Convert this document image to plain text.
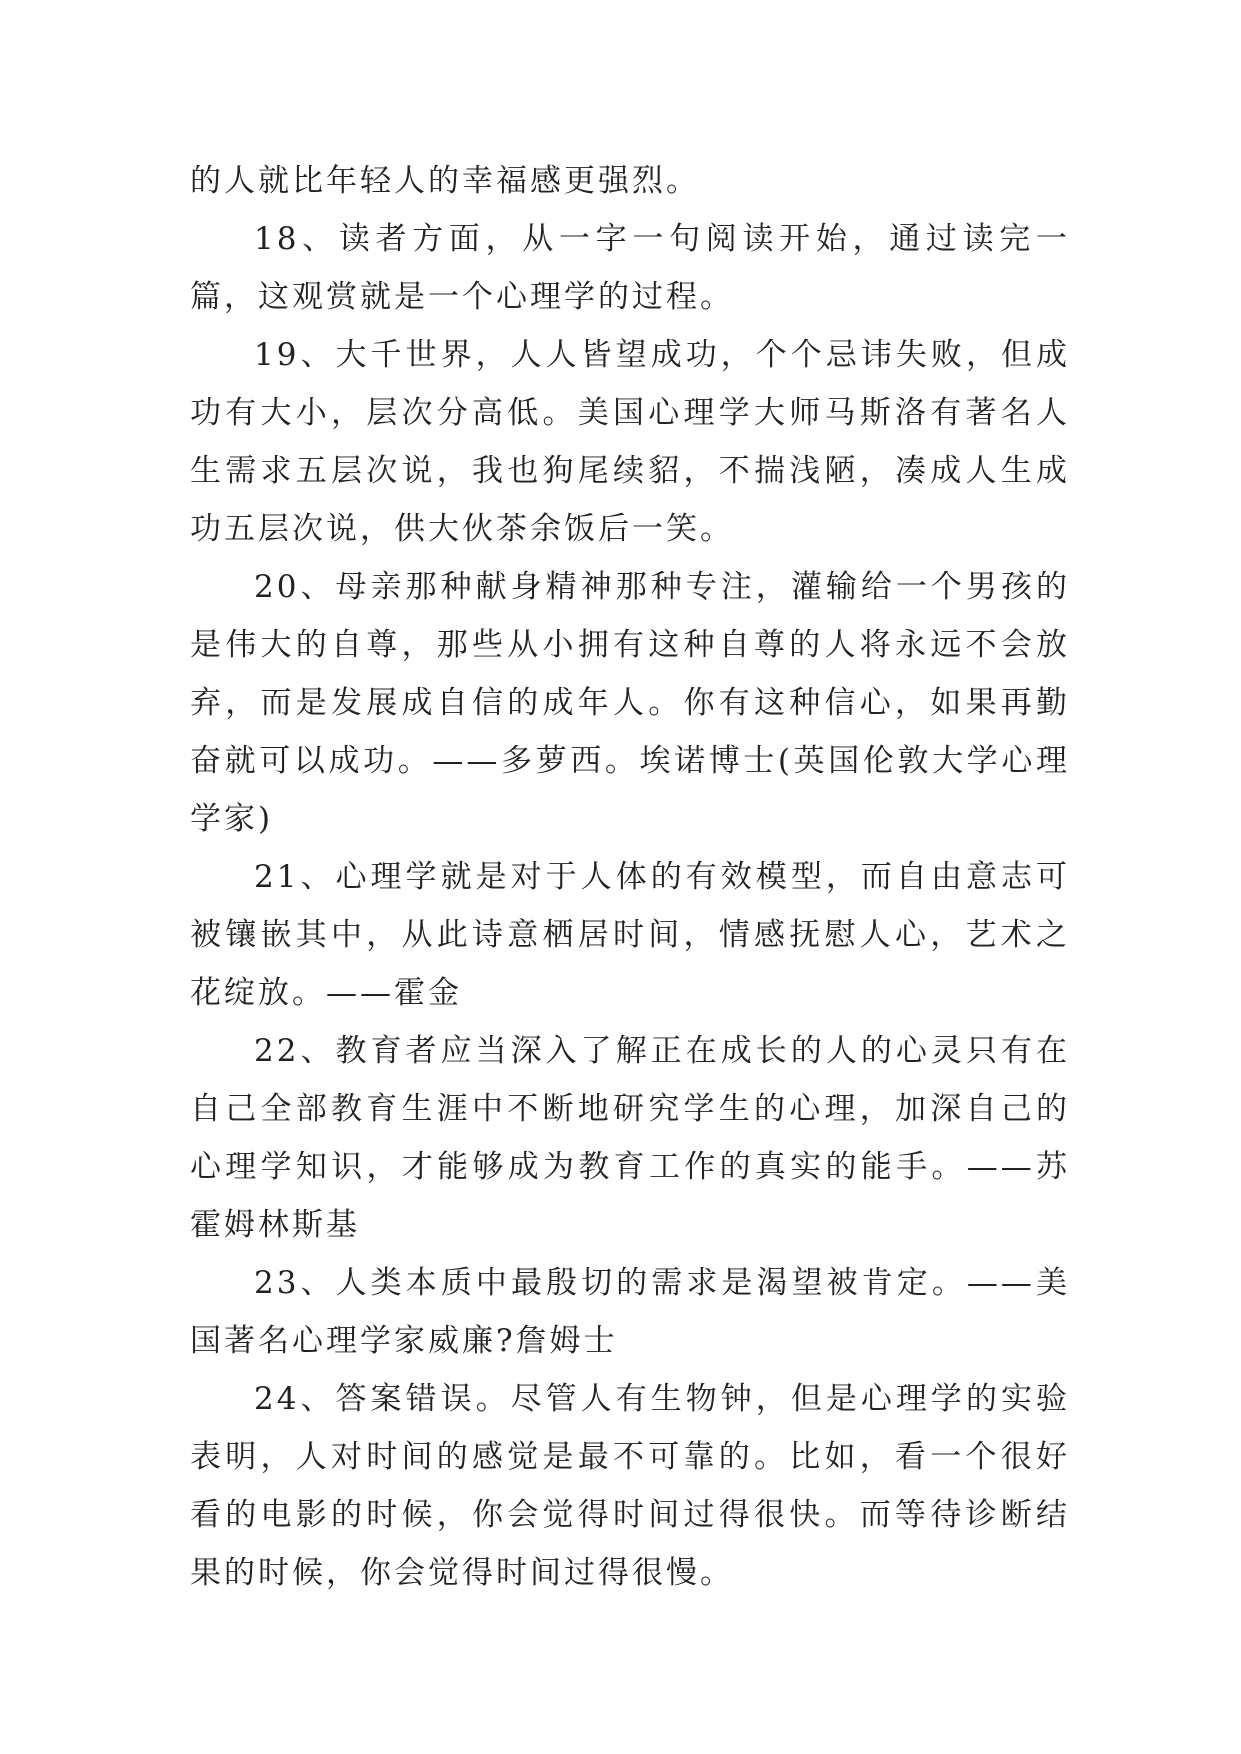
的人就比年轻人的幸福感更强烈。

18、读者方面，从一字一句阅读开始，通过读完一篇，这观赏就是一个心理学的过程。

19、大千世界，人人皆望成功，个个忌讳失败，但成功有大小，层次分高低。美国心理学大师马斯洛有著名人生需求五层次说，我也狗尾续貂，不揣浅陋，凑成人生成功五层次说，供大伙茶余饭后一笑。

20、母亲那种献身精神那种专注，灌输给一个男孩的是伟大的自尊，那些从小拥有这种自尊的人将永远不会放弃，而是发展成自信的成年人。你有这种信心，如果再勤奋就可以成功。——多萝西。埃诺博士(英国伦敦大学心理学家)

21、心理学就是对于人体的有效模型，而自由意志可被镶嵌其中，从此诗意栖居时间，情感抚慰人心，艺术之花绽放。——霍金

22、教育者应当深入了解正在成长的人的心灵只有在自己全部教育生涯中不断地研究学生的心理，加深自己的心理学知识，才能够成为教育工作的真实的能手。——苏霍姆林斯基

23、人类本质中最殷切的需求是渴望被肯定。——美国著名心理学家威廉?詹姆士

24、答案错误。尽管人有生物钟，但是心理学的实验表明，人对时间的感觉是最不可靠的。比如，看一个很好看的电影的时候，你会觉得时间过得很快。而等待诊断结果的时候，你会觉得时间过得很慢。
